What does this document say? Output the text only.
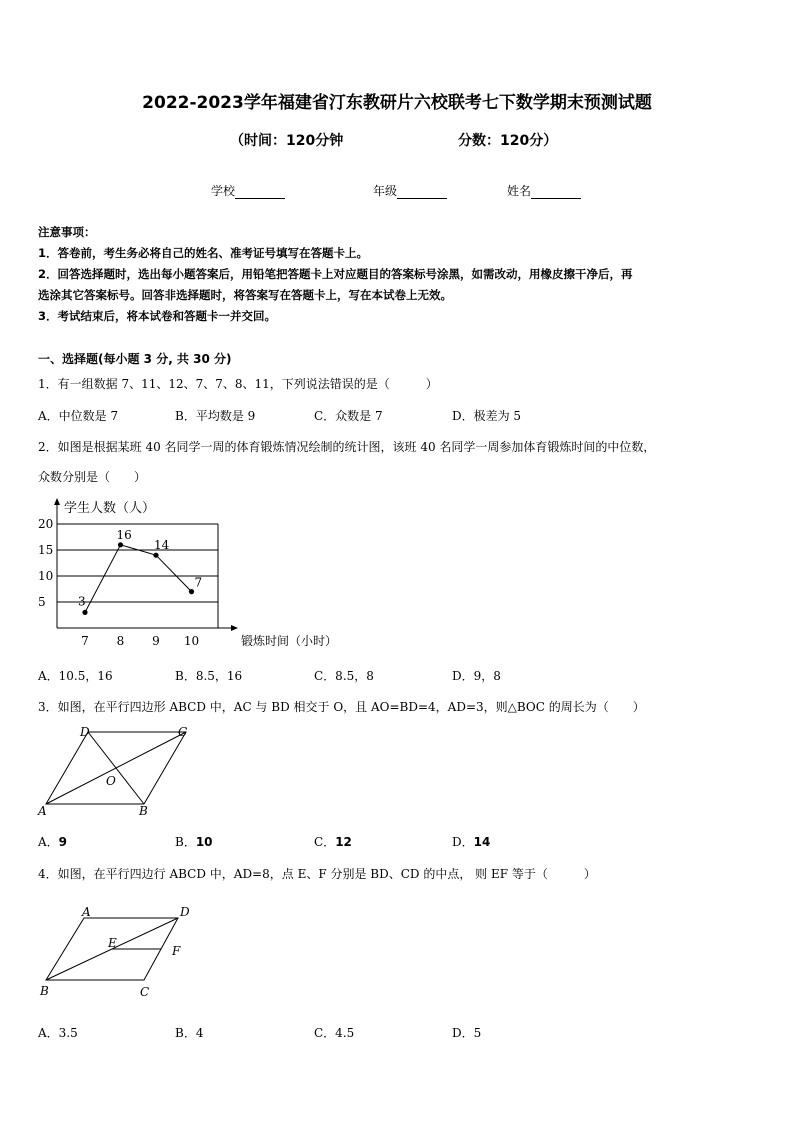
2022-2023学年福建省汀东教研片六校联考七下数学期末预测试题
（时间：120分钟	分数：120分）
学校	年级	姓名
注意事项：
1．答卷前，考生务必将自己的姓名、准考证号填写在答题卡上。
2．回答选择题时，选出每小题答案后，用铅笔把答题卡上对应题目的答案标号涂黑，如需改动，用橡皮擦干净后，再
选涂其它答案标号。回答非选择题时，将答案写在答题卡上，写在本试卷上无效。
3．考试结束后，将本试卷和答题卡一并交回。
一、选择题(每小题 3 分, 共 30 分)
1．有一组数据 7、11、12、7、7、8、11，下列说法错误的是（　　　）
A．中位数是 7	B．平均数是 9	C．众数是 7	D．极差为 5
2．如图是根据某班 40 名同学一周的体育锻炼情况绘制的统计图，该班 40 名同学一周参加体育锻炼时间的中位数，
众数分别是（　　）
5
10
15
20
7 8 9 10
学生人数（人）
锻炼时间（小时）
3
16
14
7
A．10.5，16	B．8.5，16	C．8.5，8	D．9，8
3．如图，在平行四边形 ABCD 中，AC 与 BD 相交于 O，且 AO=BD=4，AD=3，则△BOC 的周长为（　　）
A	B
C
D
O
A．9	B．10	C．12	D．14
4．如图，在平行四边行 ABCD 中，AD=8，点 E、F 分别是 BD、CD 的中点， 则 EF 等于（　　　）
A
B	C
D
E
F
A．3.5	B．4	C．4.5	D．5
